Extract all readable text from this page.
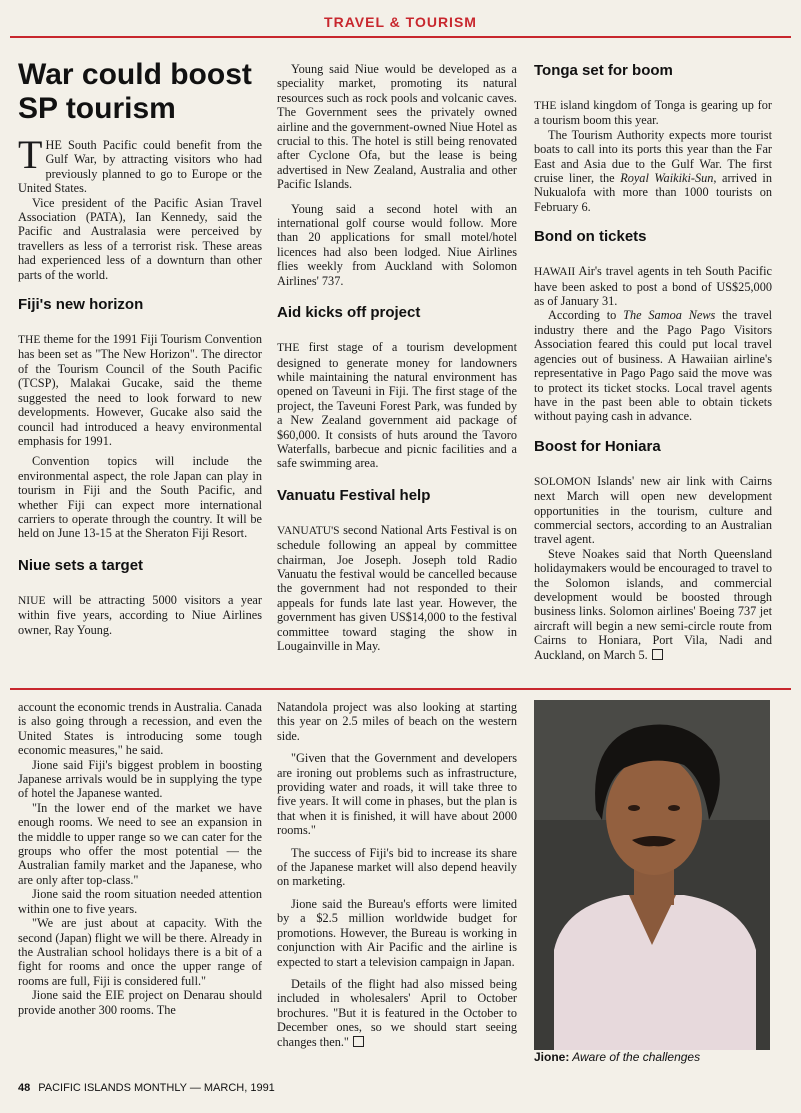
TRAVEL & TOURISM
War could boost
SP tourism

THE South Pacific could benefit from the Gulf War, by attracting visitors who had previously planned to go to Europe or the United States.

Vice president of the Pacific Asian Travel Association (PATA), Ian Kennedy, said the Pacific and Australasia were perceived by travellers as less of a terrorist risk. These areas had experienced less of a downturn than other parts of the world.

Fiji's new horizon

THE theme for the 1991 Fiji Tourism Convention has been set as "The New Horizon". The director of the Tourism Council of the South Pacific (TCSP), Malakai Gucake, said the theme suggested the need to look forward to new developments. However, Gucake also said the council had introduced a heavy environmental emphasis for 1991.

Convention topics will include the environmental aspect, the role Japan can play in tourism in Fiji and the South Pacific, and whether Fiji can expect more international carriers to operate through the country. It will be held on June 13-15 at the Sheraton Fiji Resort.

Niue sets a target

NIUE will be attracting 5000 visitors a year within five years, according to Niue Airlines owner, Ray Young.

Young said Niue would be developed as a speciality market, promoting its natural resources such as rock pools and volcanic caves. The Government sees the privately owned airline and the government-owned Niue Hotel as crucial to this. The hotel is still being renovated after Cyclone Ofa, but the lease is being advertised in New Zealand, Australia and other Pacific Islands.

Young said a second hotel with an international golf course would follow. More than 20 applications for small motel/hotel licences had also been lodged. Niue Airlines flies weekly from Auckland with Solomon Airlines' 737.

Aid kicks off project

THE first stage of a tourism development designed to generate money for landowners while maintaining the natural environment has opened on Taveuni in Fiji. The first stage of the project, the Taveuni Forest Park, was funded by a New Zealand government aid package of $60,000. It consists of huts around the Tavoro Waterfalls, barbecue and picnic facilities and a safe swimming area.

Vanuatu Festival help

VANUATU'S second National Arts Festival is on schedule following an appeal by committee chairman, Joe Joseph. Joseph told Radio Vanuatu the festival would be cancelled because the government had not responded to their appeals for funds late last year. However, the government has given US$14,000 to the festival committee toward staging the show in Lougainville in May.

Tonga set for boom

THE island kingdom of Tonga is gearing up for a tourism boom this year.

The Tourism Authority expects more tourist boats to call into its ports this year than the Far East and Asia due to the Gulf War. The first cruise liner, the Royal Waikiki-Sun, arrived in Nukualofa with more than 1000 tourists on February 6.

Bond on tickets

HAWAII Air's travel agents in teh South Pacific have been asked to post a bond of US$25,000 as of January 31.

According to The Samoa News the travel industry there and the Pago Pago Visitors Association feared this could put local travel agencies out of business. A Hawaiian airline's representative in Pago Pago said the move was to protect its ticket stocks. Local travel agents have in the past been able to obtain tickets without paying cash in advance.

Boost for Honiara

SOLOMON Islands' new air link with Cairns next March will open new development opportunities in the tourism, culture and commercial sectors, according to an Australian travel agent.

Steve Noakes said that North Queensland holidaymakers would be encouraged to travel to the Solomon islands, and commercial development would be boosted through business links. Solomon airlines' Boeing 737 jet aircraft will begin a new semi-circle route from Cairns to Honiara, Port Vila, Nadi and Auckland, on March 5.

account the economic trends in Australia. Canada is also going through a recession, and even the United States is introducing some tough economic measures," he said.

Jione said Fiji's biggest problem in boosting Japanese arrivals would be in supplying the type of hotel the Japanese wanted.

"In the lower end of the market we have enough rooms. We need to see an expansion in the middle to upper range so we can cater for the groups who offer the most potential — the Australian family market and the Japanese, who are only after top-class."

Jione said the room situation needed attention within one to five years.

"We are just about at capacity. With the second (Japan) flight we will be there. Already in the Australian school holidays there is a bit of a fight for rooms and once the upper range of rooms are full, Fiji is considered full."

Jione said the EIE project on Denarau should provide another 300 rooms. The

Natandola project was also looking at starting this year on 2.5 miles of beach on the western side.

"Given that the Government and developers are ironing out problems such as infrastructure, providing water and roads, it will take three to five years. It will come in phases, but the plan is that when it is finished, it will have about 2000 rooms."

The success of Fiji's bid to increase its share of the Japanese market will also depend heavily on marketing.

Jione said the Bureau's efforts were limited by a $2.5 million worldwide budget for promotions. However, the Bureau is working in conjunction with Air Pacific and the airline is expected to start a television campaign in Japan.

Details of the flight had also missed being included in wholesalers' April to October brochures. "But it is featured in the October to December ones, so we should start seeing changes then."

Jione: Aware of the challenges
48 PACIFIC ISLANDS MONTHLY — MARCH, 1991
